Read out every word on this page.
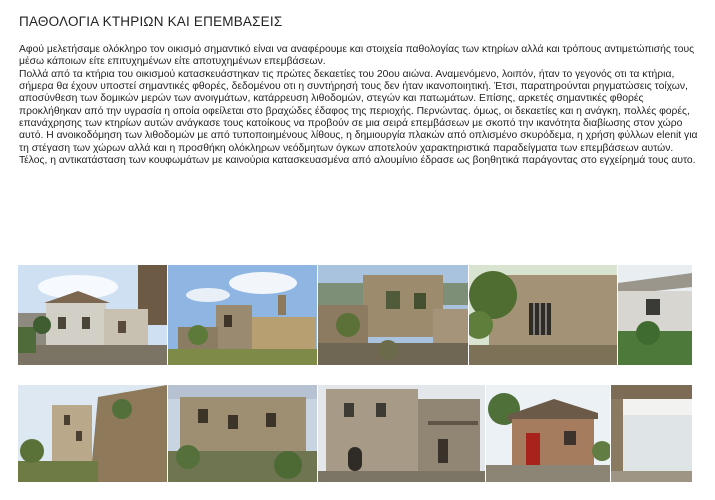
ΠΑΘΟΛΟΓΙΑ ΚΤΗΡΙΩΝ ΚΑΙ ΕΠΕΜΒΑΣΕΙΣ

Αφού μελετήσαμε ολόκληρο τον οικισμό σημαντικό είναι να αναφέρουμε και στοιχεία παθολογίας των κτηρίων αλλά και τρόπους αντιμετώπισής τους μέσω κάποιων είτε επιτυχημένων είτε αποτυχημένων επεμβάσεων.

Πολλά από τα κτήρια του οικισμού κατασκευάστηκαν τις πρώτες δεκαετίες του 20ου αιώνα. Αναμενόμενο, λοιπόν, ήταν το γεγονός οτι τα κτήρια, σήμερα θα έχουν υποστεί σημαντικές φθορές, δεδομένου οτι η συντήρησή τους δεν ήταν ικανοποιητική. Έτσι, παρατηρούνται ρηγματώσεις τοίχων, αποσύνθεση των δομικών μερών των ανοιγμάτων, κατάρρευση λιθοδομών, στεγών και πατωμάτων. Επίσης, αρκετές σημαντικές φθορές προκλήθηκαν από την υγρασία η οποία οφείλεται στο βραχώδες έδαφος της περιοχής. Περνώντας. όμως, οι δεκαετίες και η ανάγκη, πολλές φορές, επανάχρησης των κτηρίων αυτών ανάγκασε τους κατοίκους να προβούν σε μια σειρά επεμβάσεων με σκοπό την ικανότητα διαβίωσης στον χώρο αυτό. Η ανοικοδόμηση των λιθοδομών με από τυποποιημένους λίθους, η δημιουργία πλακών από οπλισμένο σκυρόδεμα, η χρήση φύλλων elenit για τη στέγαση των χώρων αλλά και η προσθήκη ολόκληρων νεόδμητων όγκων αποτελούν χαρακτηριστικά παραδείγματα των επεμβάσεων αυτών. Τέλος, η αντικατάσταση των κουφωμάτων με καινούρια κατασκευασμένα από αλουμίνιο έδρασε ως βοηθητικά παράγοντας στο εγχείρημά τους αυτο.
